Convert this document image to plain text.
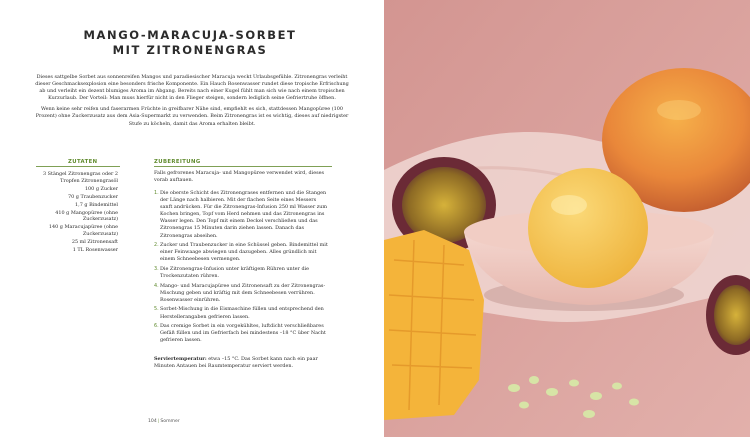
MANGO-MARACUJA-SORBET
MIT ZITRONENGRAS

Dieses sattgelbe Sorbet aus sonnenreifen Mangos und paradiesischer Maracuja weckt Urlaubsgefühle. Zitronengras verleiht dieser Geschmacksexplosion eine besonders frische Komponente. Ein Hauch Rosenwasser rundet diese tropische Erfrischung ab und verleiht ein dezent blumiges Aroma im Abgang. Bereits nach einer Kugel fühlt man sich wie nach einem tropischen Kurzurlaub. Der Vorteil: Man muss hierfür nicht in den Flieger steigen, sondern lediglich seine Gefriertruhe öffnen.

Wenn keine sehr reifen und faserarmen Früchte in greifbarer Nähe sind, empfiehlt es sich, stattdessen Mangopüree (100 Prozent) ohne Zuckerzusatz aus dem Asia-Supermarkt zu verwenden. Beim Zitronengras ist es wichtig, dieses auf niedrigster Stufe zu köcheln, damit das Aroma erhalten bleibt.

ZUTATEN	ZUBEREITUNG
3 Stängel Zitronengras oder 2 Tropfen Zitronengrasöl
100 g Zucker
70 g Traubenzucker
1,7 g Bindemittel
410 g Mangopüree (ohne Zuckerzusatz)
140 g Maracujapüree (ohne Zuckerzusatz)
25 ml Zitronensaft
1 TL Rosenwasser
Falls gefrorenes Maracuja- und Mangopüree verwendet wird, dieses vorab auftauen.
1. Die oberste Schicht des Zitronengrases entfernen und die Stangen der Länge nach halbieren. Mit der flachen Seite eines Messers sanft andrücken. Für die Zitronengras-Infusion 250 ml Wasser zum Kochen bringen, Topf vom Herd nehmen und das Zitronengras ins Wasser legen. Den Topf mit einem Deckel verschließen und das Zitronengras 15 Minuten darin ziehen lassen. Danach das Zitronengras abseihen.
2. Zucker und Traubenzucker in eine Schüssel geben. Bindemittel mit einer Feinwaage abwiegen und dazugeben. Alles gründlich mit einem Schneebesen vermengen.
3. Die Zitronengras-Infusion unter kräftigem Rühren unter die Trockenzutaten rühren.
4. Mango- und Maracujapüree und Zitronensaft zu der Zitronengras-Mischung geben und kräftig mit dem Schneebesen verrühren. Rosenwasser einrühren.
5. Sorbet-Mischung in die Eismaschine füllen und entsprechend den Herstellerangaben gefrieren lassen.
6. Das cremige Sorbet in ein vorgekühltes, luftdicht verschließbares Gefäß füllen und im Gefrierfach bei mindestens –18 °C über Nacht gefrieren lassen.
Serviertemperatur: etwa –15 °C. Das Sorbet kann nach ein paar Minuten Antauen bei Raumtemperatur serviert werden.
104|Sommer
